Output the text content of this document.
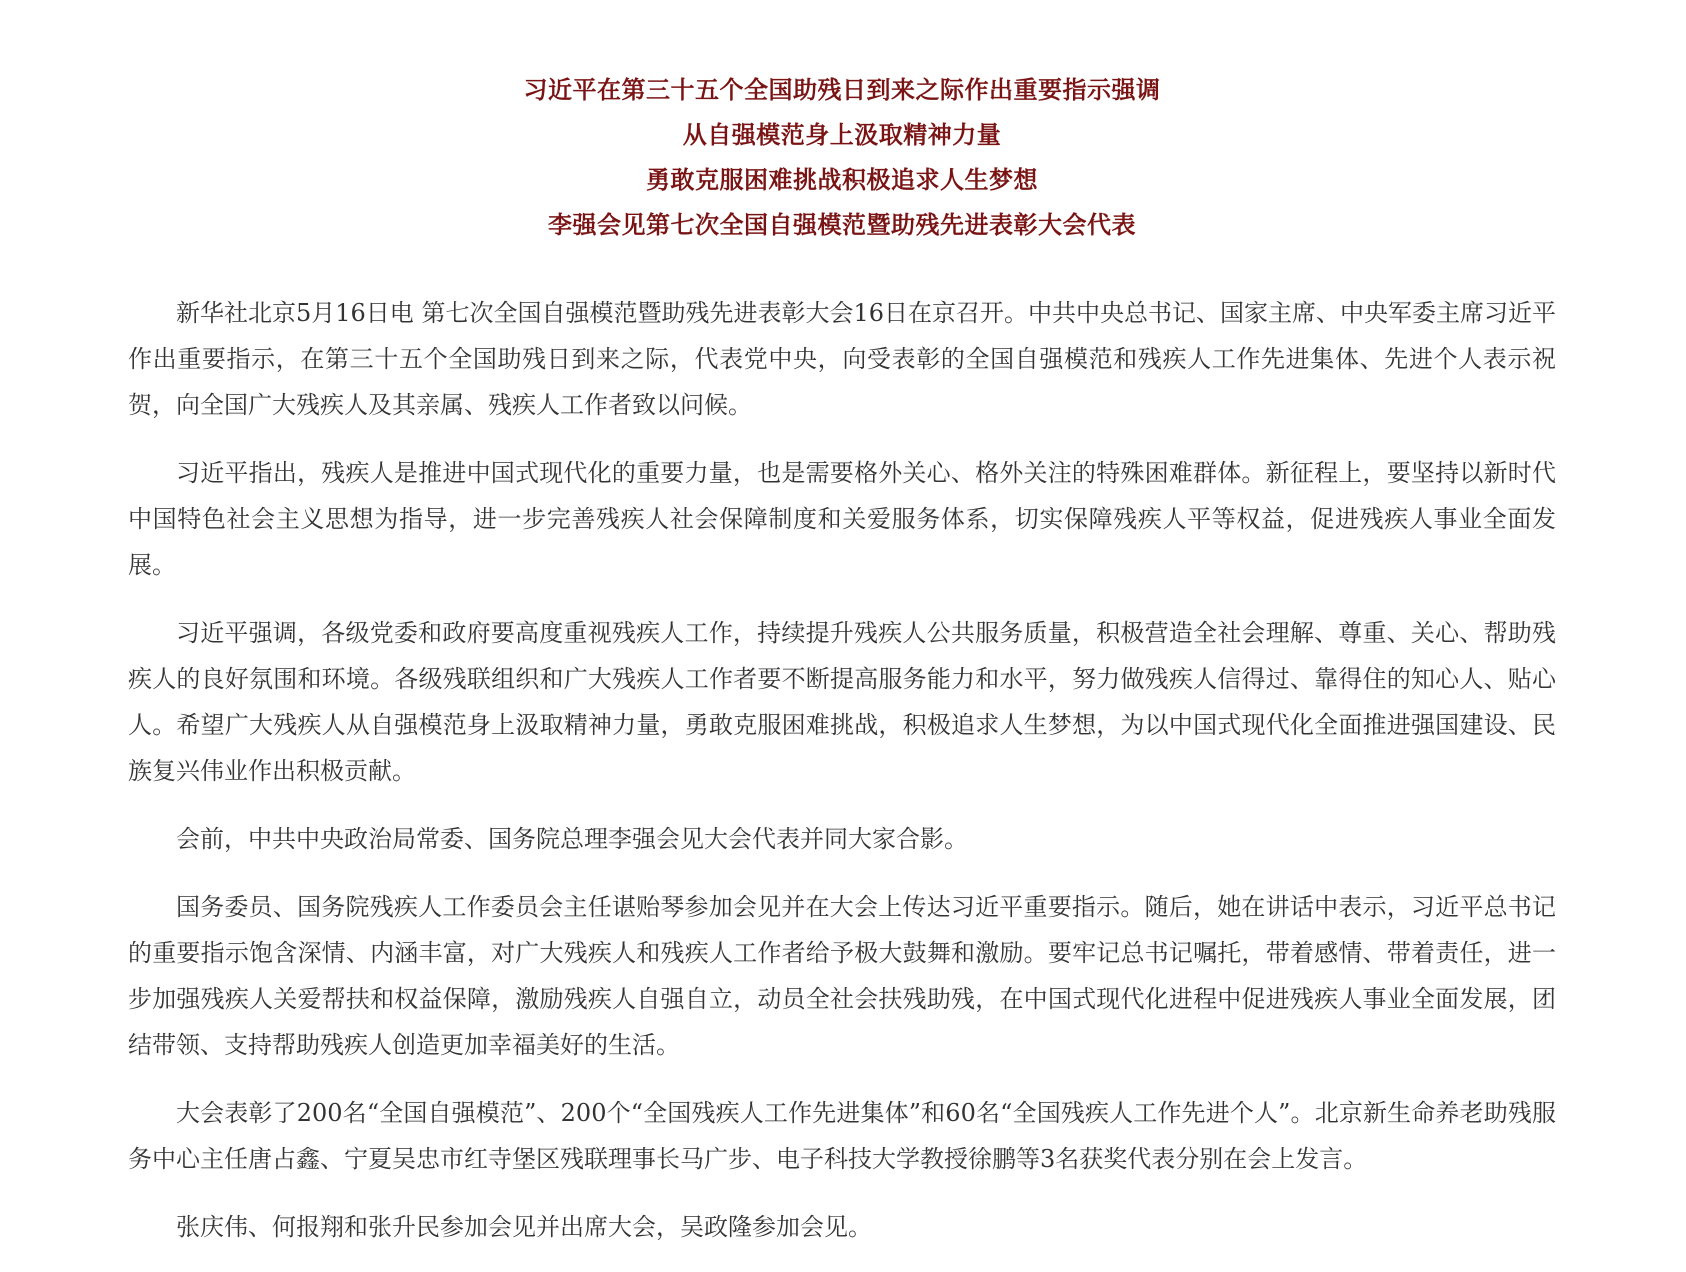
习近平在第三十五个全国助残日到来之际作出重要指示强调
从自强模范身上汲取精神力量
勇敢克服困难挑战积极追求人生梦想
李强会见第七次全国自强模范暨助残先进表彰大会代表

新华社北京5月16日电 第七次全国自强模范暨助残先进表彰大会16日在京召开。中共中央总书记、国家主席、中央军委主席习近平作出重要指示，在第三十五个全国助残日到来之际，代表党中央，向受表彰的全国自强模范和残疾人工作先进集体、先进个人表示祝贺，向全国广大残疾人及其亲属、残疾人工作者致以问候。

习近平指出，残疾人是推进中国式现代化的重要力量，也是需要格外关心、格外关注的特殊困难群体。新征程上，要坚持以新时代中国特色社会主义思想为指导，进一步完善残疾人社会保障制度和关爱服务体系，切实保障残疾人平等权益，促进残疾人事业全面发展。

习近平强调，各级党委和政府要高度重视残疾人工作，持续提升残疾人公共服务质量，积极营造全社会理解、尊重、关心、帮助残疾人的良好氛围和环境。各级残联组织和广大残疾人工作者要不断提高服务能力和水平，努力做残疾人信得过、靠得住的知心人、贴心人。希望广大残疾人从自强模范身上汲取精神力量，勇敢克服困难挑战，积极追求人生梦想，为以中国式现代化全面推进强国建设、民族复兴伟业作出积极贡献。

会前，中共中央政治局常委、国务院总理李强会见大会代表并同大家合影。

国务委员、国务院残疾人工作委员会主任谌贻琴参加会见并在大会上传达习近平重要指示。随后，她在讲话中表示，习近平总书记的重要指示饱含深情、内涵丰富，对广大残疾人和残疾人工作者给予极大鼓舞和激励。要牢记总书记嘱托，带着感情、带着责任，进一步加强残疾人关爱帮扶和权益保障，激励残疾人自强自立，动员全社会扶残助残，在中国式现代化进程中促进残疾人事业全面发展，团结带领、支持帮助残疾人创造更加幸福美好的生活。

大会表彰了200名“全国自强模范”、200个“全国残疾人工作先进集体”和60名“全国残疾人工作先进个人”。北京新生命养老助残服务中心主任唐占鑫、宁夏吴忠市红寺堡区残联理事长马广步、电子科技大学教授徐鹏等3名获奖代表分别在会上发言。

张庆伟、何报翔和张升民参加会见并出席大会，吴政隆参加会见。
